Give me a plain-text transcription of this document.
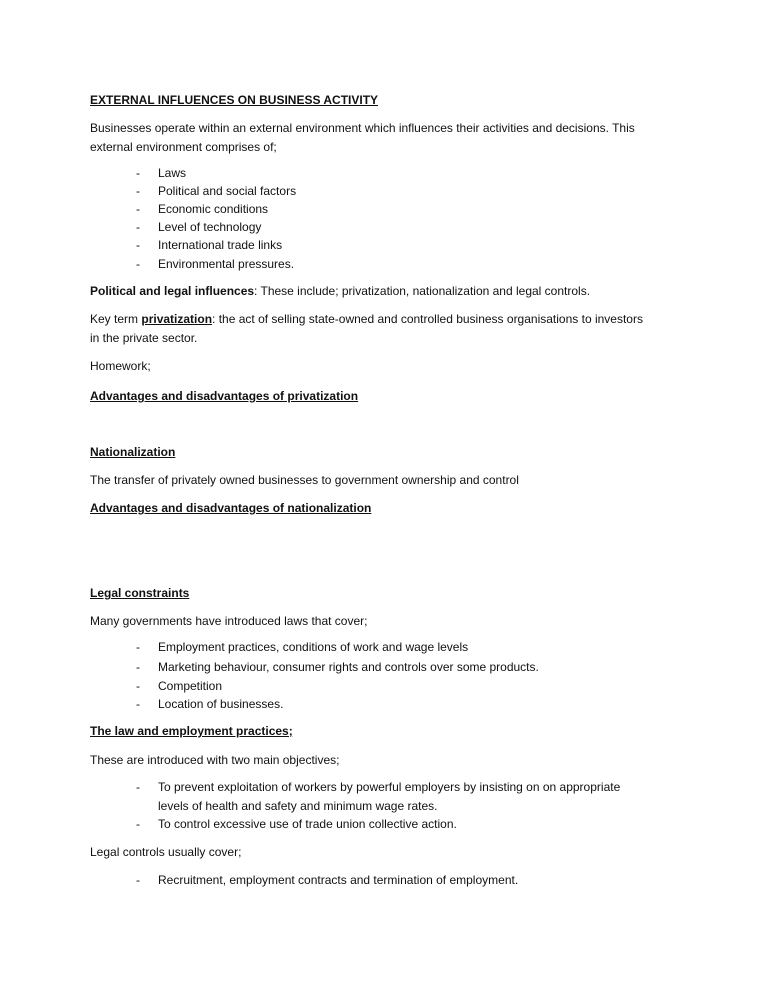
EXTERNAL INFLUENCES ON BUSINESS ACTIVITY
Businesses operate within an external environment which influences their activities and decisions. This
external environment comprises of;
- Laws
- Political and social factors
- Economic conditions
- Level of technology
- International trade links
- Environmental pressures.
Political and legal influences: These include; privatization, nationalization and legal controls.
Key term privatization: the act of selling state-owned and controlled business organisations to investors
in the private sector.
Homework;
Advantages and disadvantages of privatization
Nationalization
The transfer of privately owned businesses to government ownership and control
Advantages and disadvantages of nationalization
Legal constraints
Many governments have introduced laws that cover;
- Employment practices, conditions of work and wage levels
- Marketing behaviour, consumer rights and controls over some products.
- Competition
- Location of businesses.
The law and employment practices;
These are introduced with two main objectives;
- To prevent exploitation of workers by powerful employers by insisting on on appropriate
levels of health and safety and minimum wage rates.
- To control excessive use of trade union collective action.
Legal controls usually cover;
- Recruitment, employment contracts and termination of employment.
